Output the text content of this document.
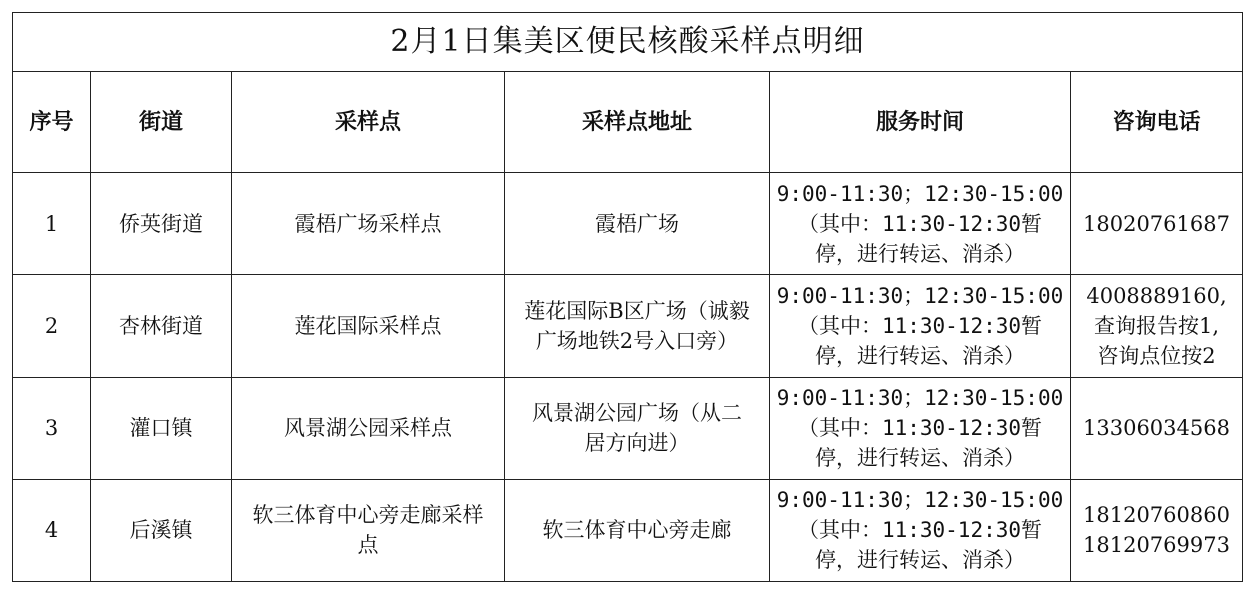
2月1日集美区便民核酸采样点明细					
序号	街道	采样点	采样点地址	服务时间	咨询电话
1	侨英街道	霞梧广场采样点	霞梧广场	9:00-11:30；12:30-15:00
（其中：11:30-12:30暂
停，进行转运、消杀）	18020761687
2	杏林街道	莲花国际采样点	莲花国际B区广场（诚毅
广场地铁2号入口旁）	9:00-11:30；12:30-15:00
（其中：11:30-12:30暂
停，进行转运、消杀）	4008889160,
查询报告按1,
咨询点位按2
3	灌口镇	风景湖公园采样点	风景湖公园广场（从二
居方向进）	9:00-11:30；12:30-15:00
（其中：11:30-12:30暂
停，进行转运、消杀）	13306034568
4	后溪镇	软三体育中心旁走廊采样
点	软三体育中心旁走廊	9:00-11:30；12:30-15:00
（其中：11:30-12:30暂
停，进行转运、消杀）	18120760860
18120769973
